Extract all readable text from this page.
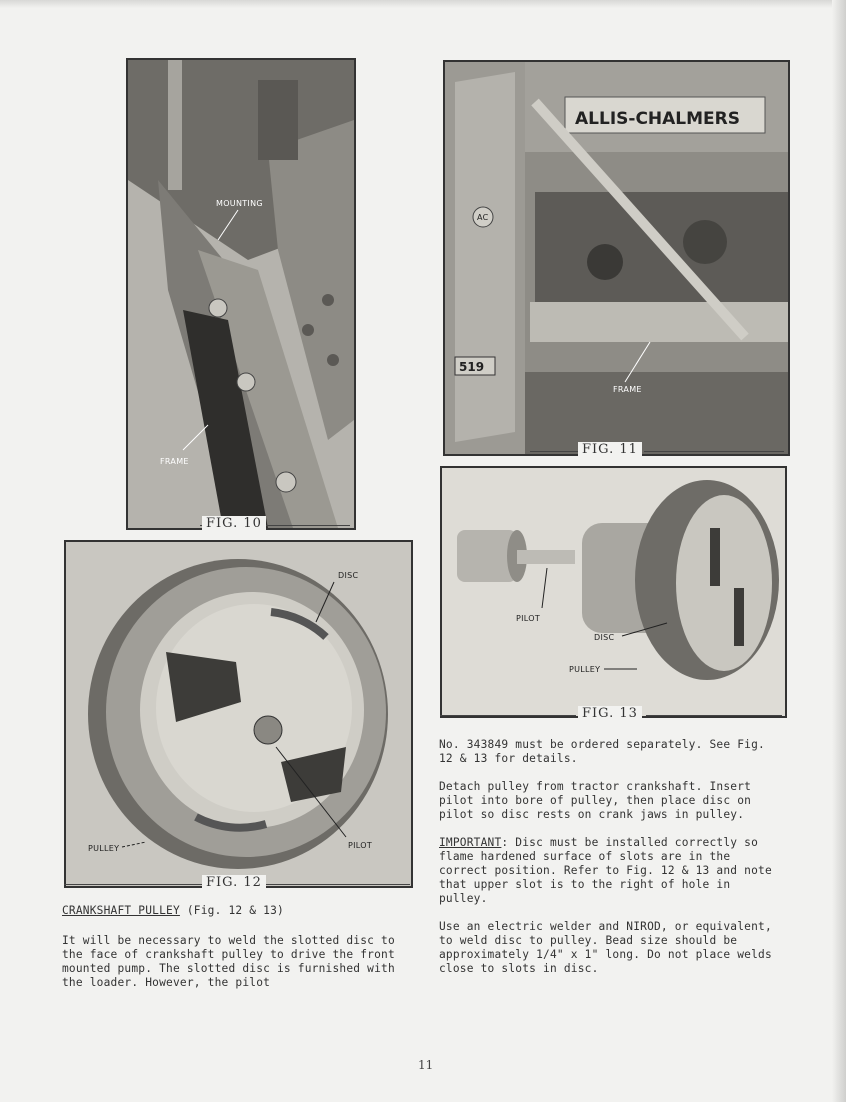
MOUNTING
FRAME
FIG. 10
ALLIS-CHALMERS
AC
519
FRAME
FIG. 11
DISC
PULLEY	PILOT
FIG. 12
PILOT
DISC
PULLEY
FIG. 13

CRANKSHAFT PULLEY (Fig. 12 & 13)

It will be necessary to weld the slotted disc to the face of crankshaft pulley to drive the front mounted pump. The slotted disc is furnished with the loader. However, the pilot

No. 343849 must be ordered separately. See Fig. 12 & 13 for details.

Detach pulley from tractor crankshaft. Insert pilot into bore of pulley, then place disc on pilot so disc rests on crank jaws in pulley.

IMPORTANT: Disc must be installed correctly so flame hardened surface of slots are in the correct position. Refer to Fig. 12 & 13 and note that upper slot is to the right of hole in pulley.

Use an electric welder and NIROD, or equivalent, to weld disc to pulley. Bead size should be approximately 1/4" x 1" long. Do not place welds close to slots in disc.

11
